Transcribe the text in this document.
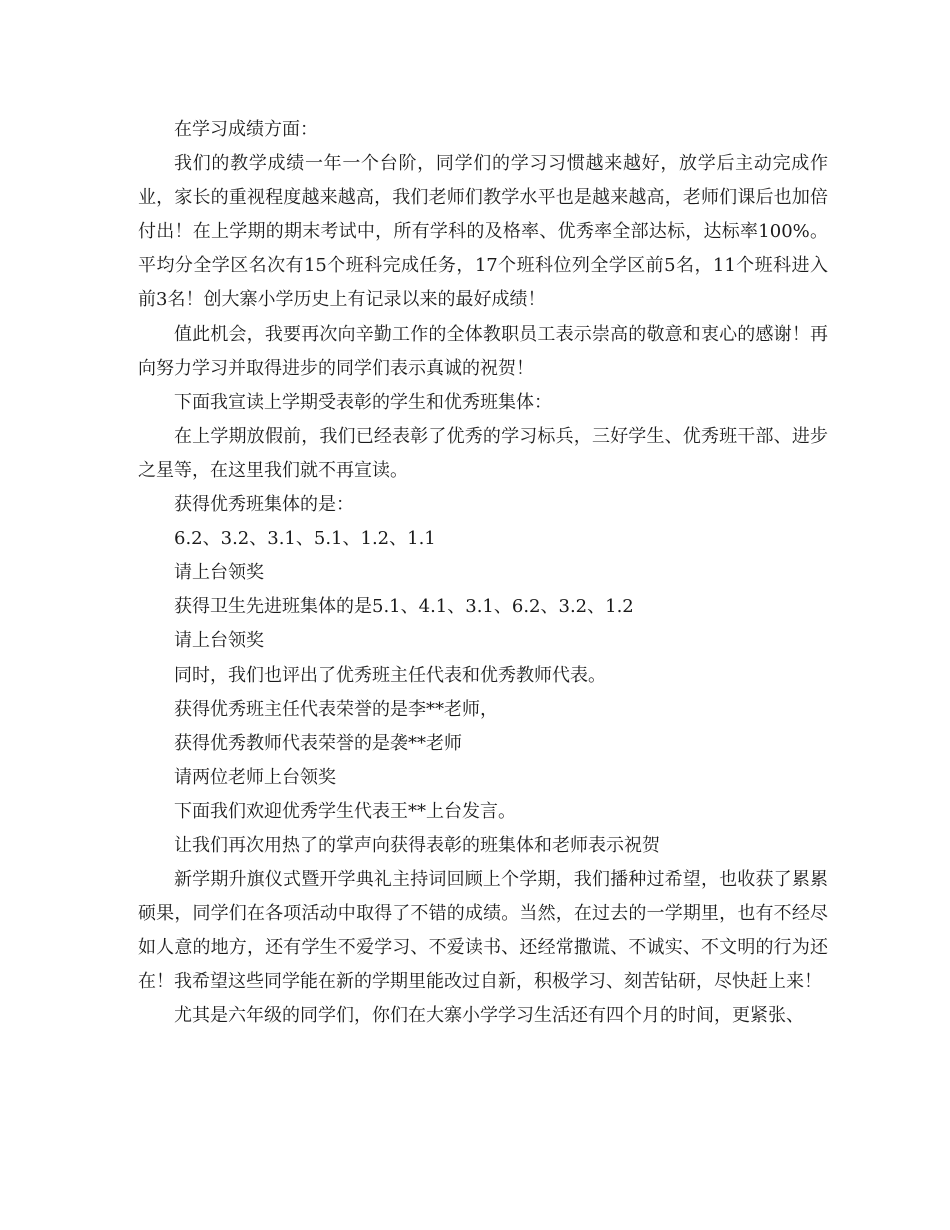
在学习成绩方面：

我们的教学成绩一年一个台阶，同学们的学习习惯越来越好，放学后主动完成作业，家长的重视程度越来越高，我们老师们教学水平也是越来越高，老师们课后也加倍付出！在上学期的期末考试中，所有学科的及格率、优秀率全部达标，达标率100%。平均分全学区名次有15个班科完成任务，17个班科位列全学区前5名，11个班科进入前3名！创大寨小学历史上有记录以来的最好成绩！

值此机会，我要再次向辛勤工作的全体教职员工表示崇高的敬意和衷心的感谢！再向努力学习并取得进步的同学们表示真诚的祝贺！

下面我宣读上学期受表彰的学生和优秀班集体：

在上学期放假前，我们已经表彰了优秀的学习标兵，三好学生、优秀班干部、进步之星等，在这里我们就不再宣读。

获得优秀班集体的是：

6.2、3.2、3.1、5.1、1.2、1.1

请上台领奖

获得卫生先进班集体的是5.1、4.1、3.1、6.2、3.2、1.2

请上台领奖

同时，我们也评出了优秀班主任代表和优秀教师代表。

获得优秀班主任代表荣誉的是李**老师，

获得优秀教师代表荣誉的是袭**老师

请两位老师上台领奖

下面我们欢迎优秀学生代表王**上台发言。

让我们再次用热了的掌声向获得表彰的班集体和老师表示祝贺

新学期升旗仪式暨开学典礼主持词回顾上个学期，我们播种过希望，也收获了累累硕果，同学们在各项活动中取得了不错的成绩。当然，在过去的一学期里，也有不经尽如人意的地方，还有学生不爱学习、不爱读书、还经常撒谎、不诚实、不文明的行为还在！我希望这些同学能在新的学期里能改过自新，积极学习、刻苦钻研，尽快赶上来！

尤其是六年级的同学们，你们在大寨小学学习生活还有四个月的时间，更紧张、
